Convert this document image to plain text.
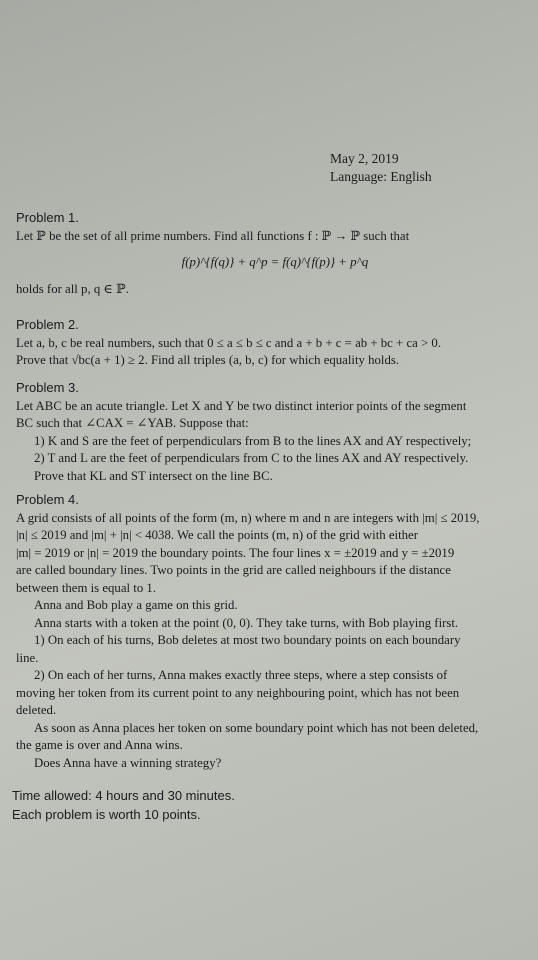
May 2, 2019
Language: English
Problem 1.
Let ℙ be the set of all prime numbers. Find all functions f : ℙ → ℙ such that
f(p)^{f(q)} + q^p = f(q)^{f(p)} + p^q
holds for all p, q ∈ ℙ.
Problem 2.
Let a, b, c be real numbers, such that 0 ≤ a ≤ b ≤ c and a + b + c = ab + bc + ca > 0.
Prove that √bc(a + 1) ≥ 2. Find all triples (a, b, c) for which equality holds.
Problem 3.
Let ABC be an acute triangle. Let X and Y be two distinct interior points of the segment
BC such that ∠CAX = ∠YAB. Suppose that:
1) K and S are the feet of perpendiculars from B to the lines AX and AY respectively;
2) T and L are the feet of perpendiculars from C to the lines AX and AY respectively.
Prove that KL and ST intersect on the line BC.
Problem 4.
A grid consists of all points of the form (m, n) where m and n are integers with |m| ≤ 2019,
|n| ≤ 2019 and |m| + |n| < 4038. We call the points (m, n) of the grid with either
|m| = 2019 or |n| = 2019 the boundary points. The four lines x = ±2019 and y = ±2019
are called boundary lines. Two points in the grid are called neighbours if the distance
between them is equal to 1.
Anna and Bob play a game on this grid.
Anna starts with a token at the point (0, 0). They take turns, with Bob playing first.
1) On each of his turns, Bob deletes at most two boundary points on each boundary
line.
2) On each of her turns, Anna makes exactly three steps, where a step consists of
moving her token from its current point to any neighbouring point, which has not been
deleted.
As soon as Anna places her token on some boundary point which has not been deleted,
the game is over and Anna wins.
Does Anna have a winning strategy?
Time allowed: 4 hours and 30 minutes.
Each problem is worth 10 points.
